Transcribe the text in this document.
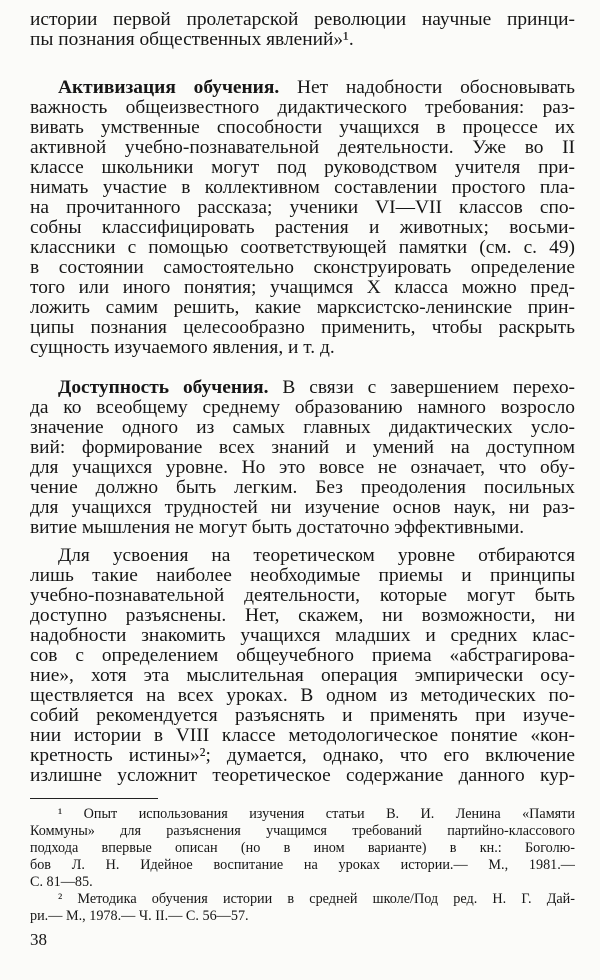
истории первой пролетарской революции научные принци-
пы познания общественных явлений»¹.
Активизация обучения. Нет надобности обосновывать
важность общеизвестного дидактического требования: раз-
вивать умственные способности учащихся в процессе их
активной учебно-познавательной деятельности. Уже во II
классе школьники могут под руководством учителя при-
нимать участие в коллективном составлении простого пла-
на прочитанного рассказа; ученики VI—VII классов спо-
собны классифицировать растения и животных; восьми-
классники с помощью соответствующей памятки (см. с. 49)
в состоянии самостоятельно сконструировать определение
того или иного понятия; учащимся X класса можно пред-
ложить самим решить, какие марксистско-ленинские прин-
ципы познания целесообразно применить, чтобы раскрыть
сущность изучаемого явления, и т. д.
Доступность обучения. В связи с завершением перехо-
да ко всеобщему среднему образованию намного возросло
значение одного из самых главных дидактических усло-
вий: формирование всех знаний и умений на доступном
для учащихся уровне. Но это вовсе не означает, что обу-
чение должно быть легким. Без преодоления посильных
для учащихся трудностей ни изучение основ наук, ни раз-
витие мышления не могут быть достаточно эффективными.
Для усвоения на теоретическом уровне отбираются
лишь такие наиболее необходимые приемы и принципы
учебно-познавательной деятельности, которые могут быть
доступно разъяснены. Нет, скажем, ни возможности, ни
надобности знакомить учащихся младших и средних клас-
сов с определением общеучебного приема «абстрагирова-
ние», хотя эта мыслительная операция эмпирически осу-
ществляется на всех уроках. В одном из методических по-
собий рекомендуется разъяснять и применять при изуче-
нии истории в VIII классе методологическое понятие «кон-
кретность истины»²; думается, однако, что его включение
излишне усложнит теоретическое содержание данного кур-
¹ Опыт использования изучения статьи В. И. Ленина «Памяти
Коммуны» для разъяснения учащимся требований партийно-классового
подхода впервые описан (но в ином варианте) в кн.: Боголю-
бов Л. Н. Идейное воспитание на уроках истории.— М., 1981.—
С. 81—85.
² Методика обучения истории в средней школе/Под ред. Н. Г. Дай-
ри.— М., 1978.— Ч. II.— С. 56—57.
38
